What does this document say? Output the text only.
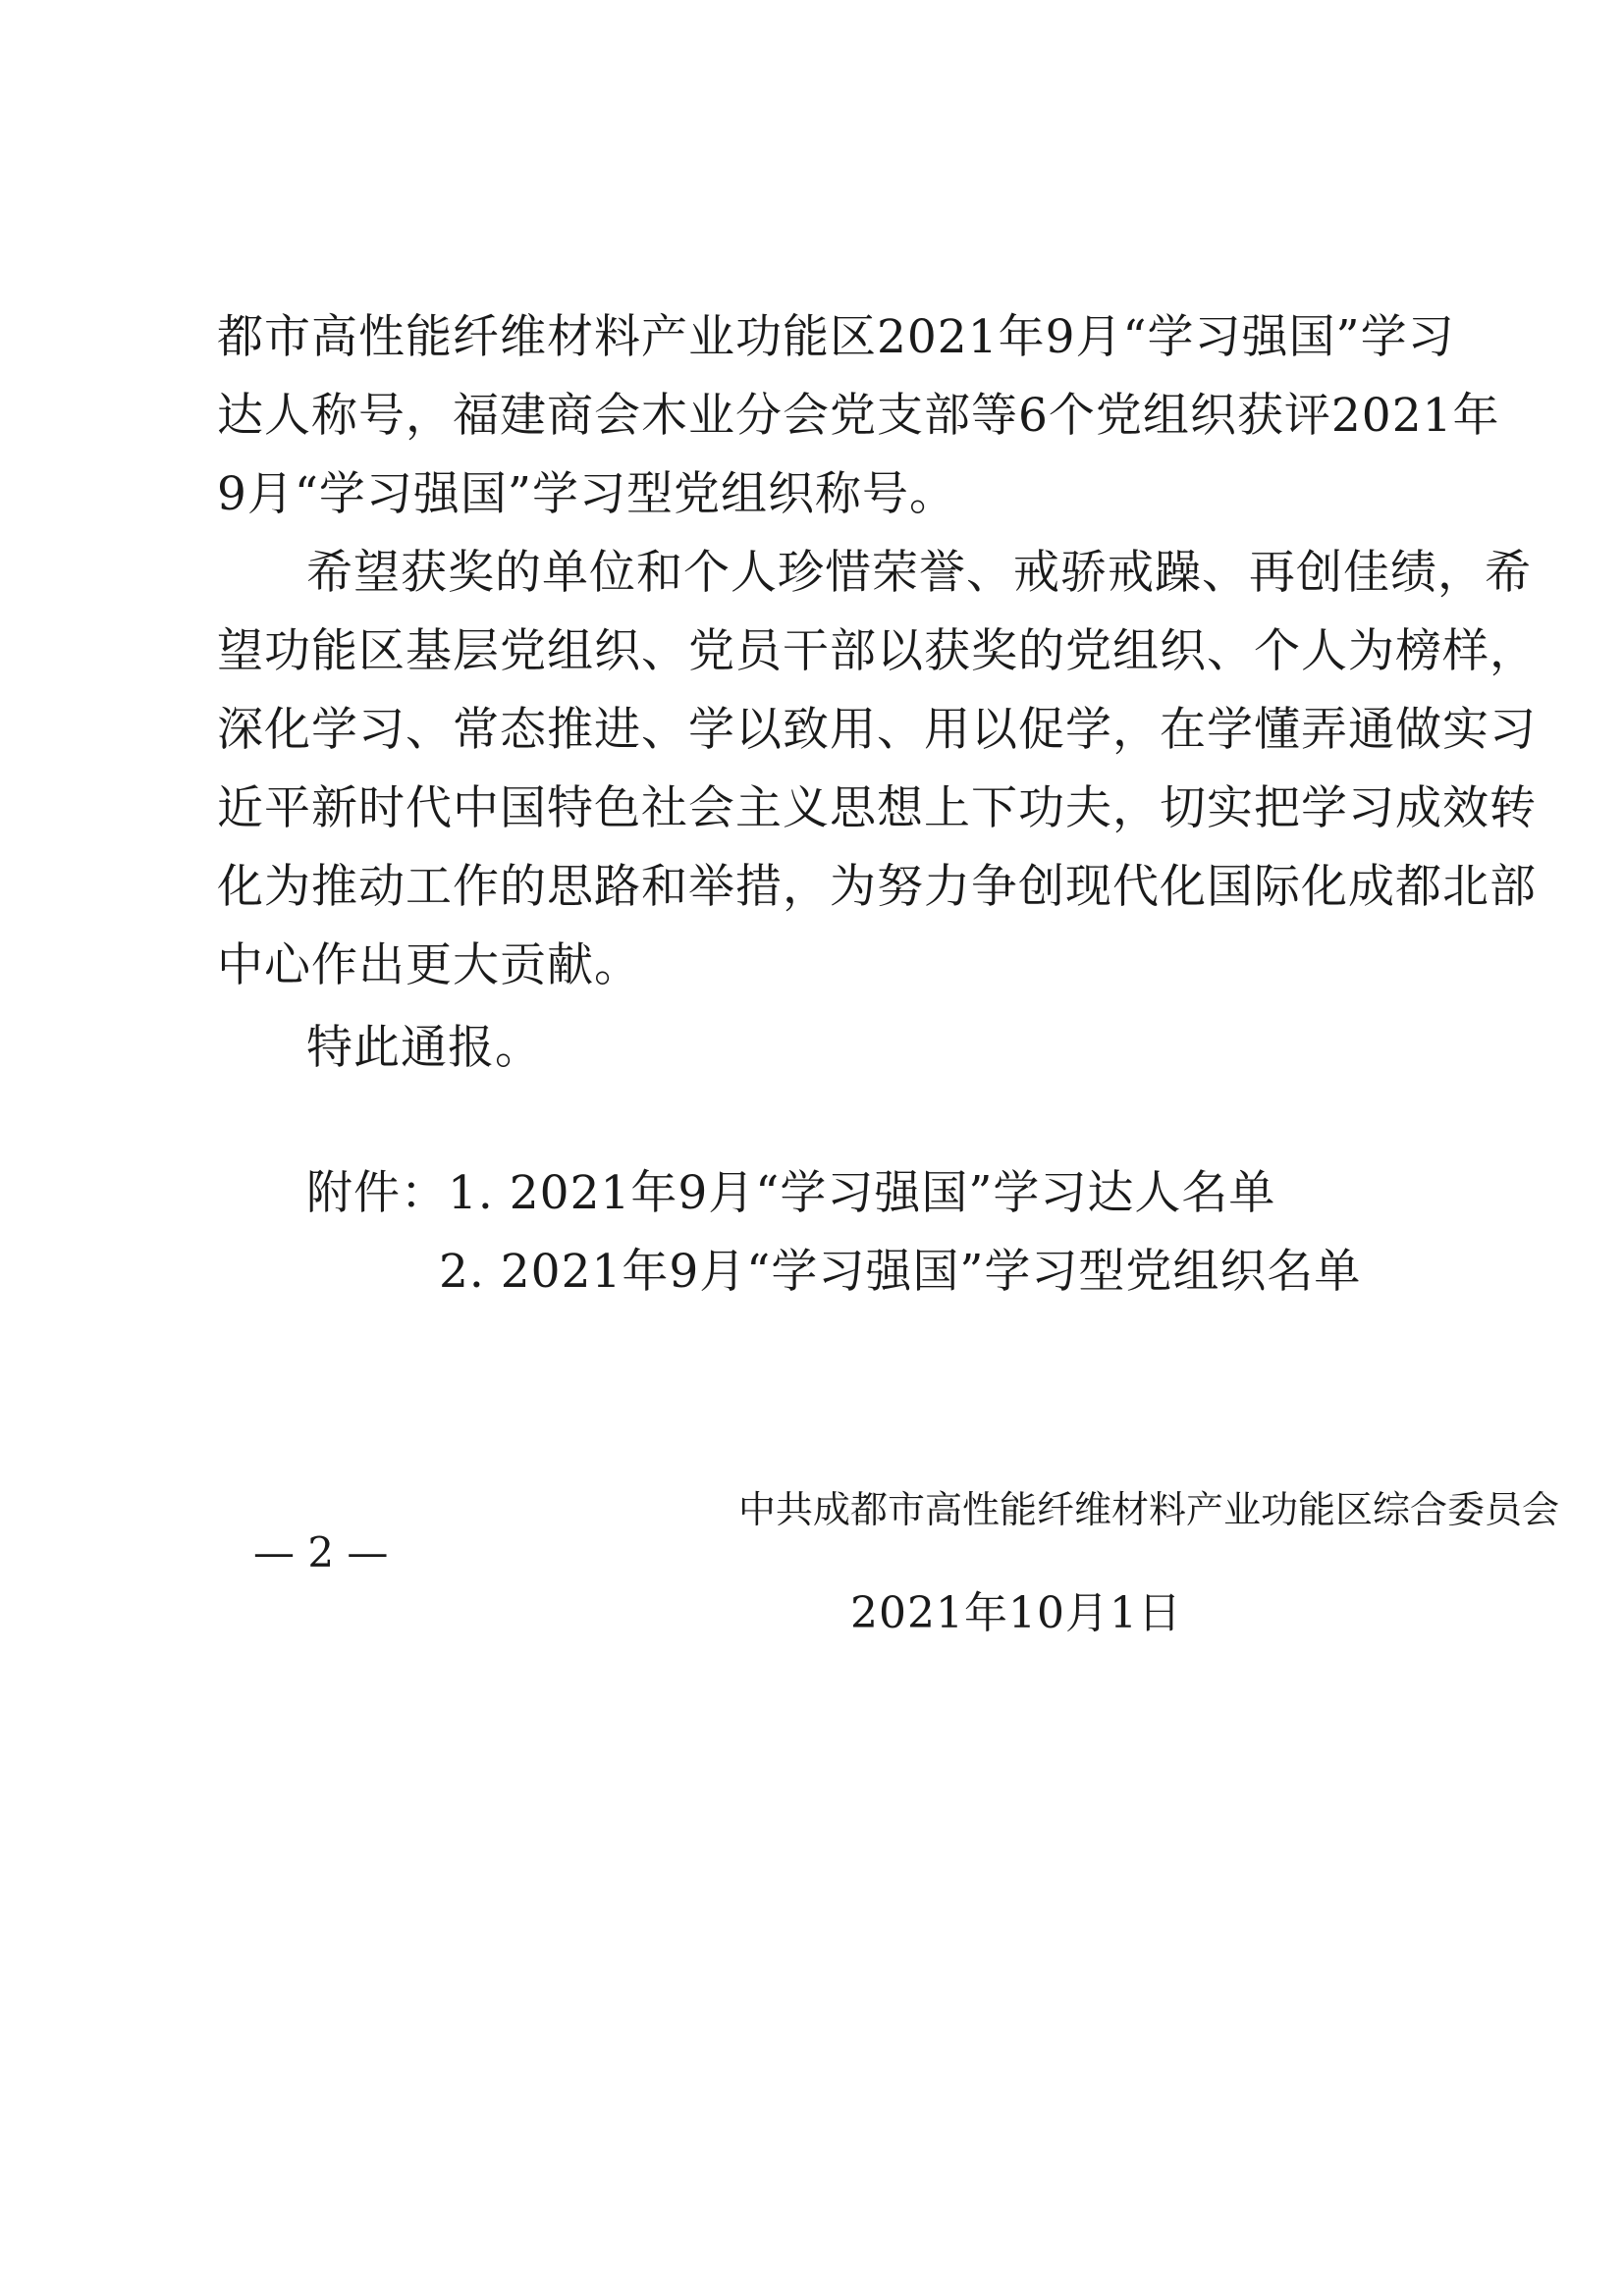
都市高性能纤维材料产业功能区2021年9月“学习强国”学习
达人称号，福建商会木业分会党支部等6个党组织获评2021年
9月“学习强国”学习型党组织称号。
希望获奖的单位和个人珍惜荣誉、戒骄戒躁、再创佳绩，希
望功能区基层党组织、党员干部以获奖的党组织、个人为榜样，
深化学习、常态推进、学以致用、用以促学，在学懂弄通做实习
近平新时代中国特色社会主义思想上下功夫，切实把学习成效转
化为推动工作的思路和举措，为努力争创现代化国际化成都北部
中心作出更大贡献。
特此通报。
附件：1. 2021年9月“学习强国”学习达人名单
2. 2021年9月“学习强国”学习型党组织名单
中共成都市高性能纤维材料产业功能区综合委员会
2021年10月1日
— 2 —
